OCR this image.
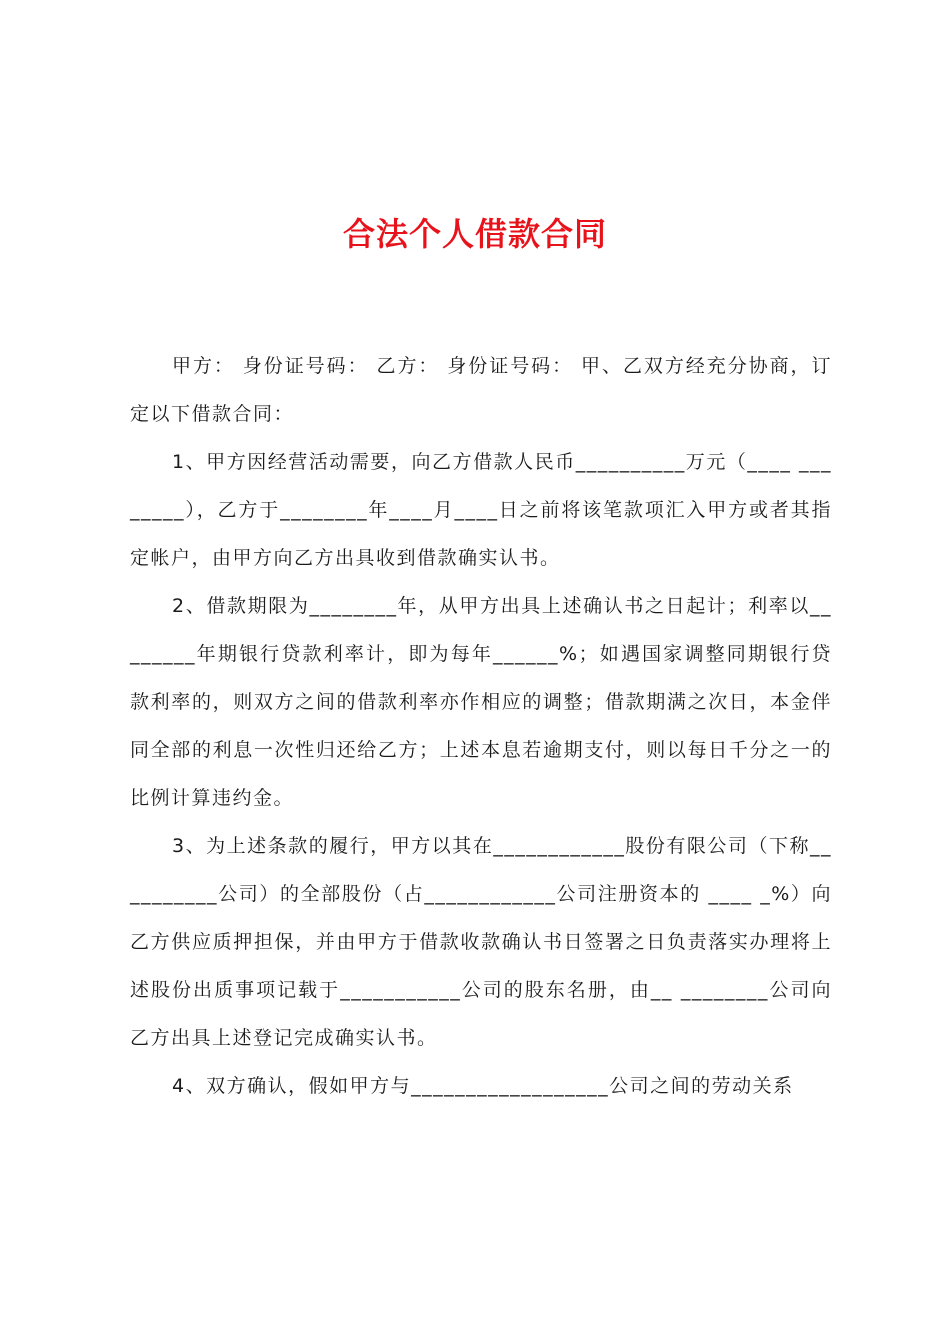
合法个人借款合同

甲方： 身份证号码： 乙方： 身份证号码： 甲、乙双方经充分协商，订定以下借款合同：

1、甲方因经营活动需要，向乙方借款人民币__________万元（____ ________），乙方于________年____月____日之前将该笔款项汇入甲方或者其指定帐户，由甲方向乙方出具收到借款确实认书。

2、借款期限为________年，从甲方出具上述确认书之日起计；利率以________年期银行贷款利率计，即为每年______%；如遇国家调整同期银行贷款利率的，则双方之间的借款利率亦作相应的调整；借款期满之次日，本金伴同全部的利息一次性归还给乙方；上述本息若逾期支付，则以每日千分之一的比例计算违约金。

3、为上述条款的履行，甲方以其在____________股份有限公司（下称__________公司）的全部股份（占____________公司注册资本的 ____ _%）向乙方供应质押担保，并由甲方于借款收款确认书日签署之日负责落实办理将上述股份出质事项记载于___________公司的股东名册，由__ ________公司向乙方出具上述登记完成确实认书。

4、双方确认，假如甲方与__________________公司之间的劳动关系
